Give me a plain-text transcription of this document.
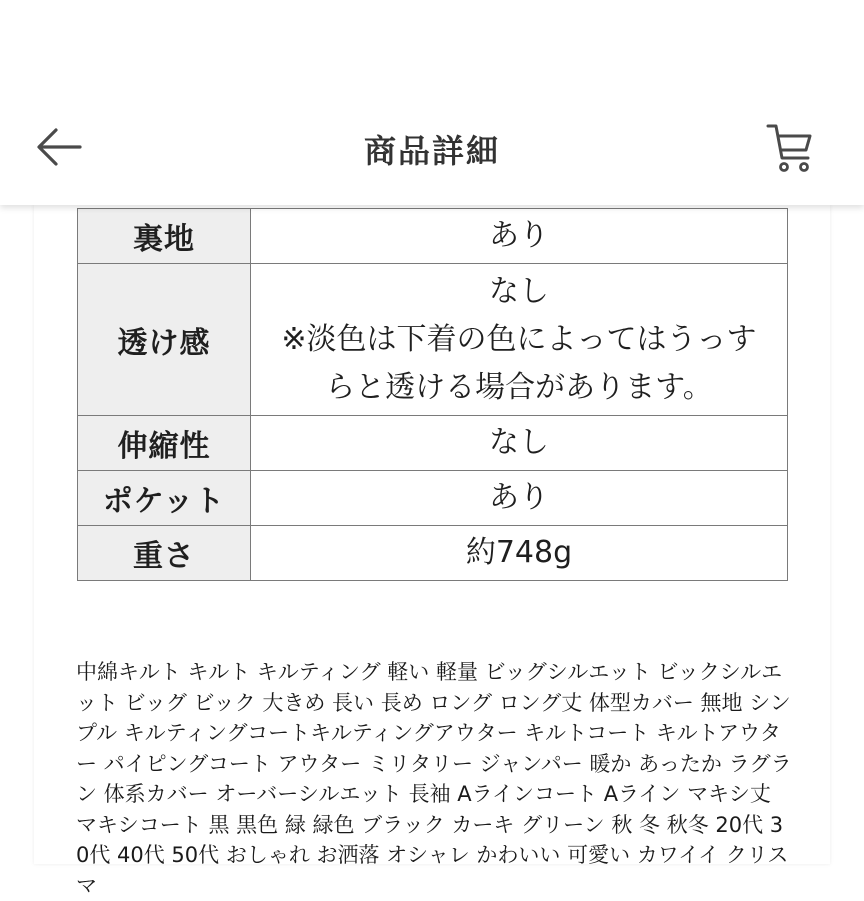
商品詳細
裏地	あり

透け感	なし
※淡色は下着の色によってはうっす
らと透ける場合があります。

伸縮性	なし

ポケット	あり

重さ	約748g
中綿キルト キルト キルティング 軽い 軽量 ビッグシルエット ビックシルエット ビッグ ビック 大きめ 長い 長め ロング ロング丈 体型カバー 無地 シンプル キルティングコートキルティングアウター キルトコート キルトアウター パイピングコート アウター ミリタリー ジャンパー 暖か あったか ラグラン 体系カバー オーバーシルエット 長袖 Aラインコート Aライン マキシ丈 マキシコート 黒 黒色 緑 緑色 ブラック カーキ グリーン 秋 冬 秋冬 20代 30代 40代 50代 おしゃれ お洒落 オシャレ かわいい 可愛い カワイイ クリスマ
